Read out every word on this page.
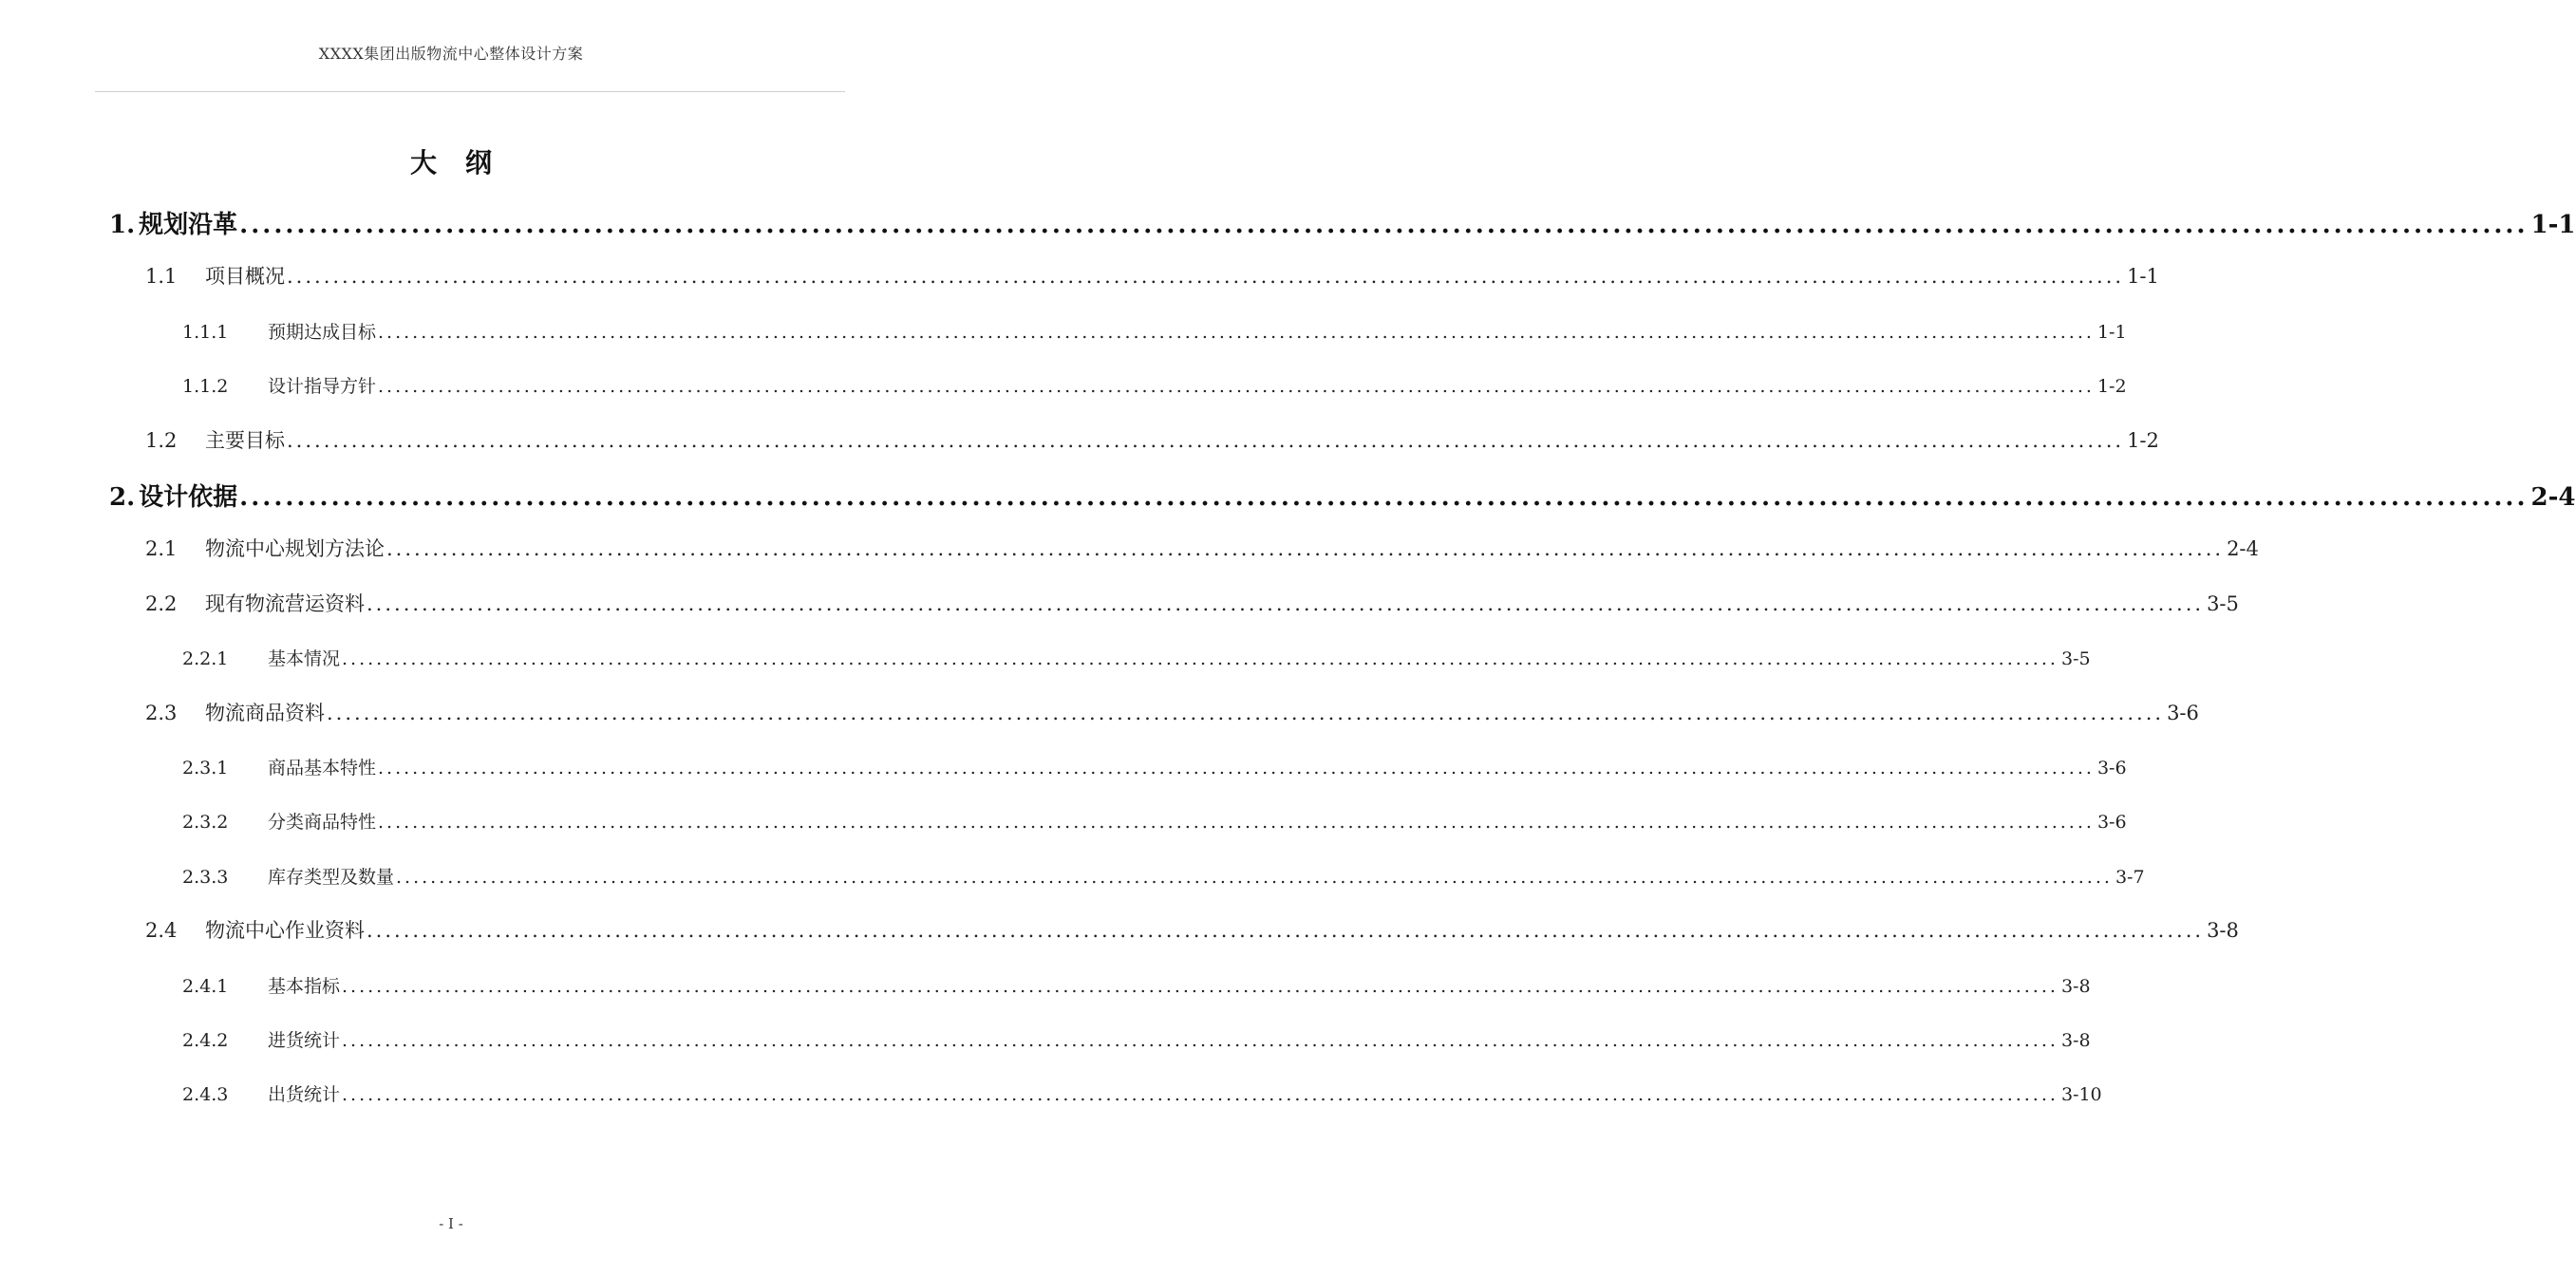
XXXX集团出版物流中心整体设计方案
大纲
1. 规划沿革 ........................................................................................................................................................................................................ 1-1
1.1	项目概况 ........................................................................................................................................................................................................ 1-1
1.1.1	预期达成目标 ........................................................................................................................................................................................................ 1-1
1.1.2	设计指导方针 ........................................................................................................................................................................................................ 1-2
1.2	主要目标 ........................................................................................................................................................................................................ 1-2
2. 设计依据 ........................................................................................................................................................................................................ 2-4
2.1	物流中心规划方法论 ........................................................................................................................................................................................................ 2-4
2.2	现有物流营运资料 ........................................................................................................................................................................................................ 3-5
2.2.1	基本情况 ........................................................................................................................................................................................................ 3-5
2.3	物流商品资料 ........................................................................................................................................................................................................ 3-6
2.3.1	商品基本特性 ........................................................................................................................................................................................................ 3-6
2.3.2	分类商品特性 ........................................................................................................................................................................................................ 3-6
2.3.3	库存类型及数量 ........................................................................................................................................................................................................ 3-7
2.4	物流中心作业资料 ........................................................................................................................................................................................................ 3-8
2.4.1	基本指标 ........................................................................................................................................................................................................ 3-8
2.4.2	进货统计 ........................................................................................................................................................................................................ 3-8
2.4.3	出货统计 ........................................................................................................................................................................................................ 3-10
- I -
